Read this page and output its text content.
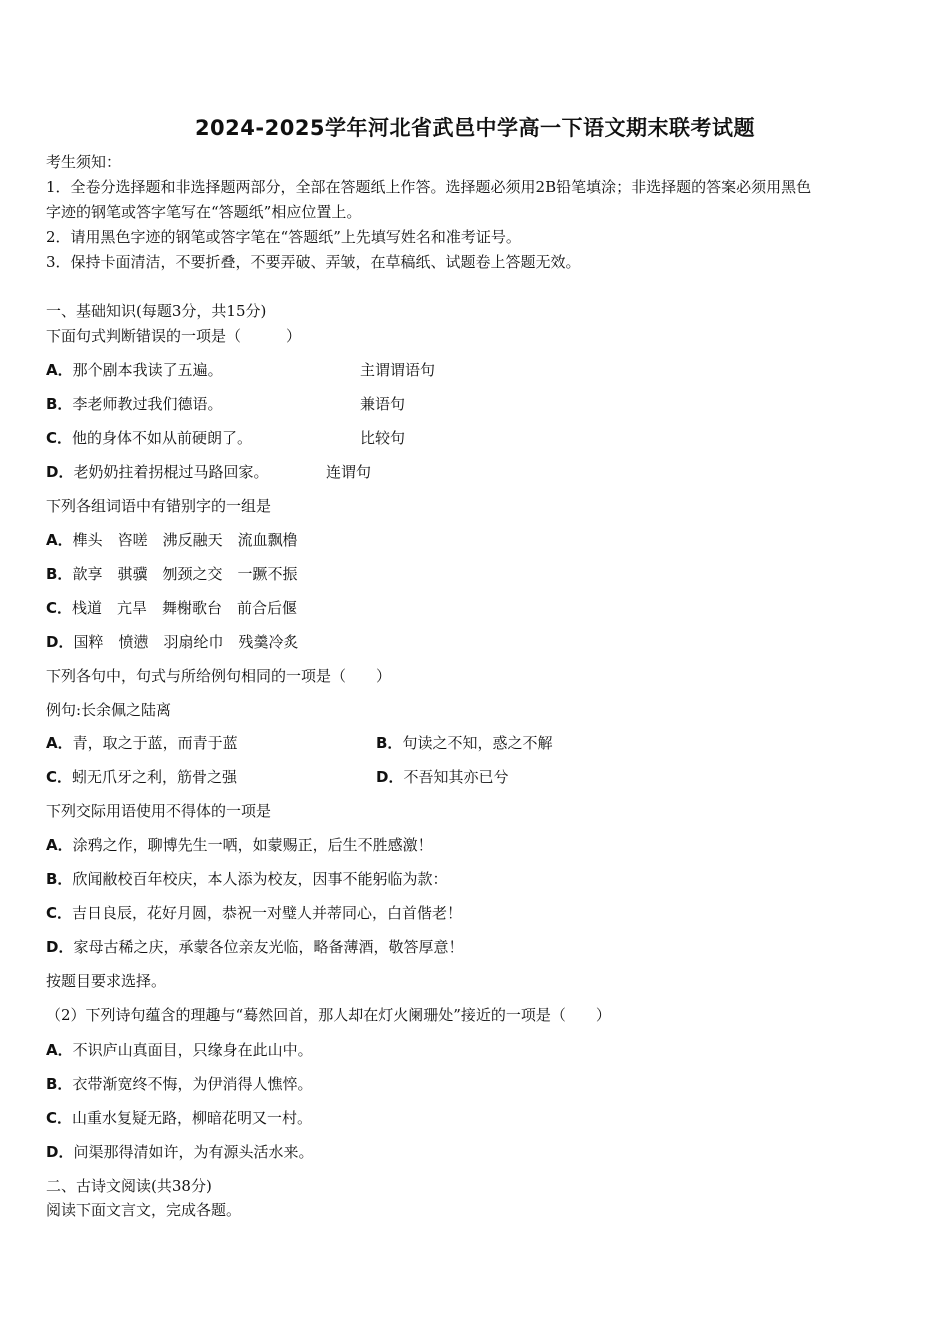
2024-2025学年河北省武邑中学高一下语文期末联考试题
考生须知：
1．全卷分选择题和非选择题两部分，全部在答题纸上作答。选择题必须用2B铅笔填涂；非选择题的答案必须用黑色
字迹的钢笔或答字笔写在“答题纸”相应位置上。
2．请用黑色字迹的钢笔或答字笔在“答题纸”上先填写姓名和准考证号。
3．保持卡面清洁，不要折叠，不要弄破、弄皱，在草稿纸、试题卷上答题无效。
一、基础知识(每题3分，共15分)
下面句式判断错误的一项是（　　　）
A．那个剧本我读了五遍。	主谓谓语句
B．李老师教过我们德语。	兼语句
C．他的身体不如从前硬朗了。	比较句
D．老奶奶拄着拐棍过马路回家。	连谓句
下列各组词语中有错别字的一组是
A．榫头　咨嗟　沸反融天　流血飘橹
B．歆享　骐骥　刎颈之交　一蹶不振
C．栈道　亢旱　舞榭歌台　前合后偃
D．国粹　愤懑　羽扇纶巾　残羹冷炙
下列各句中，句式与所给例句相同的一项是（　　）
例句:长余佩之陆离
A．青，取之于蓝，而青于蓝	B．句读之不知，惑之不解
C．蚓无爪牙之利，筋骨之强	D．不吾知其亦已兮
下列交际用语使用不得体的一项是
A．涂鸦之作，聊博先生一哂，如蒙赐正，后生不胜感激！
B．欣闻敝校百年校庆，本人添为校友，因事不能躬临为款：
C．吉日良辰，花好月圆，恭祝一对璧人并蒂同心，白首偕老！
D．家母古稀之庆，承蒙各位亲友光临，略备薄酒，敬答厚意！
按题目要求选择。
（2）下列诗句蕴含的理趣与“蓦然回首，那人却在灯火阑珊处”接近的一项是（　　）
A．不识庐山真面目，只缘身在此山中。
B．衣带渐宽终不悔，为伊消得人憔悴。
C．山重水复疑无路，柳暗花明又一村。
D．问渠那得清如许，为有源头活水来。
二、古诗文阅读(共38分)
阅读下面文言文，完成各题。
